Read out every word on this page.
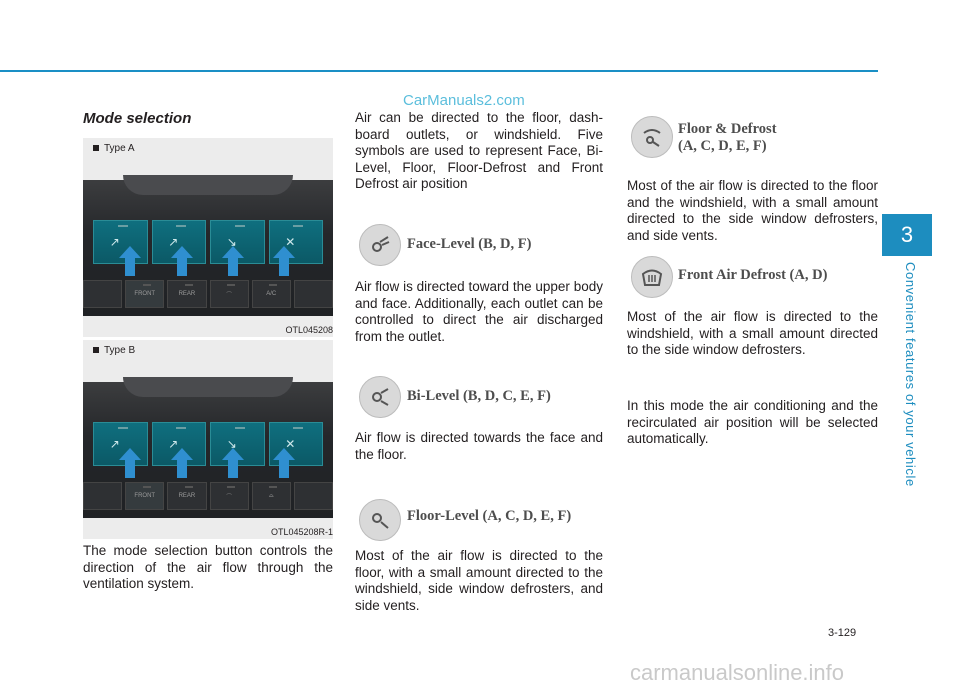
CarManuals2.com
3
Convenient features of your vehicle
Mode selection
Type A
↗	↗	↘	✕
FRONT	REAR	⌒	A/C
OTL045208
Type B
↗	↗	↘	✕
FRONT	REAR	⌒	⌓
OTL045208R-1
The mode selection button controls the direction of the air flow through the ventilation system.
Air can be directed to the floor, dash-board outlets, or windshield. Five symbols are used to represent Face, Bi-Level, Floor, Floor-Defrost and Front Defrost air position
Face-Level (B, D, F)
Air flow is directed toward the upper body and face. Additionally, each outlet can be controlled to direct the air discharged from the outlet.
Bi-Level (B, D, C, E, F)
Air flow is directed towards the face and the floor.
Floor-Level (A, C, D, E, F)
Most of the air flow is directed to the floor, with a small amount directed to the windshield, side window defrosters, and side vents.
Floor & Defrost
(A, C, D, E, F)
Most of the air flow is directed to the floor and the windshield, with a small amount directed to the side window defrosters, and side vents.
Front Air Defrost (A, D)
Most of the air flow is directed to the windshield, with a small amount directed to the side window defrosters.
In this mode the air conditioning and the recirculated air position will be selected automatically.
3-129
carmanualsonline.info
